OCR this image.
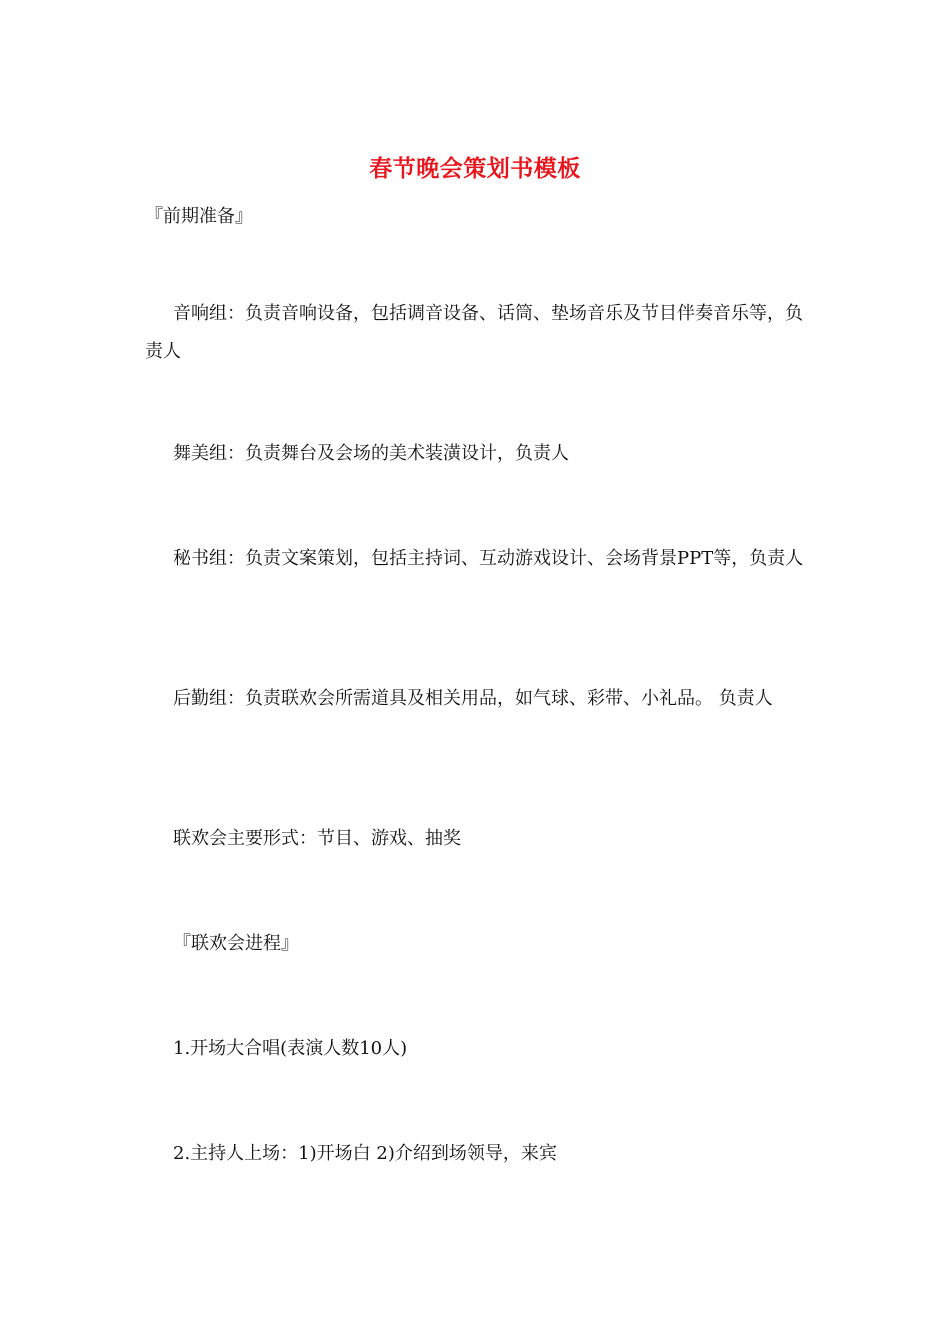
春节晚会策划书模板
『前期准备』
音响组：负责音响设备，包括调音设备、话筒、垫场音乐及节目伴奏音乐等，负责人
舞美组：负责舞台及会场的美术装潢设计，负责人
秘书组：负责文案策划，包括主持词、互动游戏设计、会场背景PPT等，负责人
后勤组：负责联欢会所需道具及相关用品，如气球、彩带、小礼品。 负责人
联欢会主要形式：节目、游戏、抽奖
『联欢会进程』
1.开场大合唱(表演人数10人)
2.主持人上场：1)开场白 2)介绍到场领导，来宾
